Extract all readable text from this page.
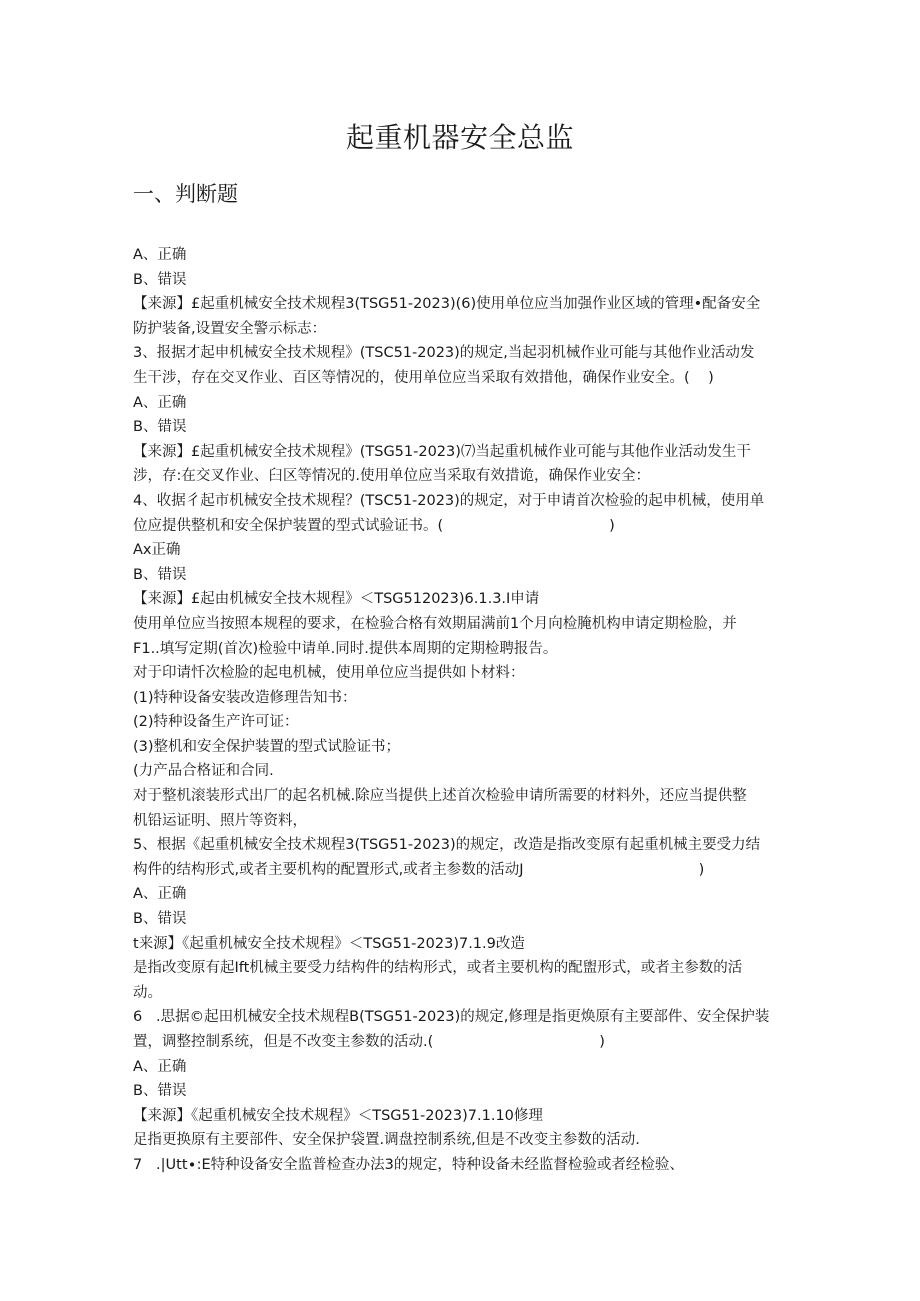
起重机器安全总监
一、判断题
A、正确
B、错误
【来源】£起重机械安全技术规程3(TSG51-2023)(6)使用单位应当加强作业区域的管理•配备安全
防护装备,设置安全警示标志：
3、报据才起申机械安全技术规程》(TSC51-2023)的规定,当起羽机械作业可能与其他作业活动发
生干涉，存在交叉作业、百区等情况的，使用单位应当采取有效措他，确保作业安全。(    )
A、正确
B、错误
【来源】£起重机械安全技术规程》(TSG51-2023)⑺当起重机械作业可能与其他作业活动发生干
涉，存:在交叉作业、臼区等情况的.使用单位应当采取有效措诡，确保作业安全：
4、收据彳起市机械安全技术规程？(TSC51-2023)的规定，对于申请首次检验的起申机械，使用单
位应提供整机和安全保护装置的型式试验证书。(                                    )
Ax正确
B、错误
【来源】£起由机械安全技木规程》＜TSG512023)6.1.3.I申请
使用单位应当按照本规程的要求，在检验合格有效期届满前1个月向检腌机构申请定期检脸，并
F1..填写定期(首次)检验中请单.同时.提供本周期的定期检聘报告。
对于印请忏次检脸的起电机械，使用单位应当提供如卜材料：
(1)特种设备安装改造修理告知书：
(2)特种设备生产许可证：
(3)整机和安全保护装置的型式试脸证书；
(力产品合格证和合同.
对于整机滚装形式出厂的起名机械.除应当提供上述首次检验申请所需要的材料外，还应当提供整
机铅运证明、照片等资料，
5、根据《起重机械安全技术规程3(TSG51-2023)的规定，改造是指改变原有起重机械主要受力结
构件的结构形式,或者主要机构的配置形式,或者主参数的活动J                                      )
A、正确
B、错误
t来源】《起重机械安全技术规程》＜TSG51-2023)7.1.9改造
是指改变原有起Ift机械主要受力结构件的结构形式，或者主要机构的配盥形式，或者主参数的活
动。
6   .思据©起田机械安全技术规程B(TSG51-2023)的规定,修理是指更焕原有主要部件、安全保护装
置，调整控制系统，但是不改变主参数的活动.(                                    )
A、正确
B、错误
【来源】《起重机械安全技术规程》＜TSG51-2023)7.1.10修理
足指更换原有主要部件、安全保护袋置.调盘控制系统,但是不改变主参数的活动.
7   .|Utt∙:E特种设备安全监普检查办法3的规定，特种设备未经监督检验或者经检验、
